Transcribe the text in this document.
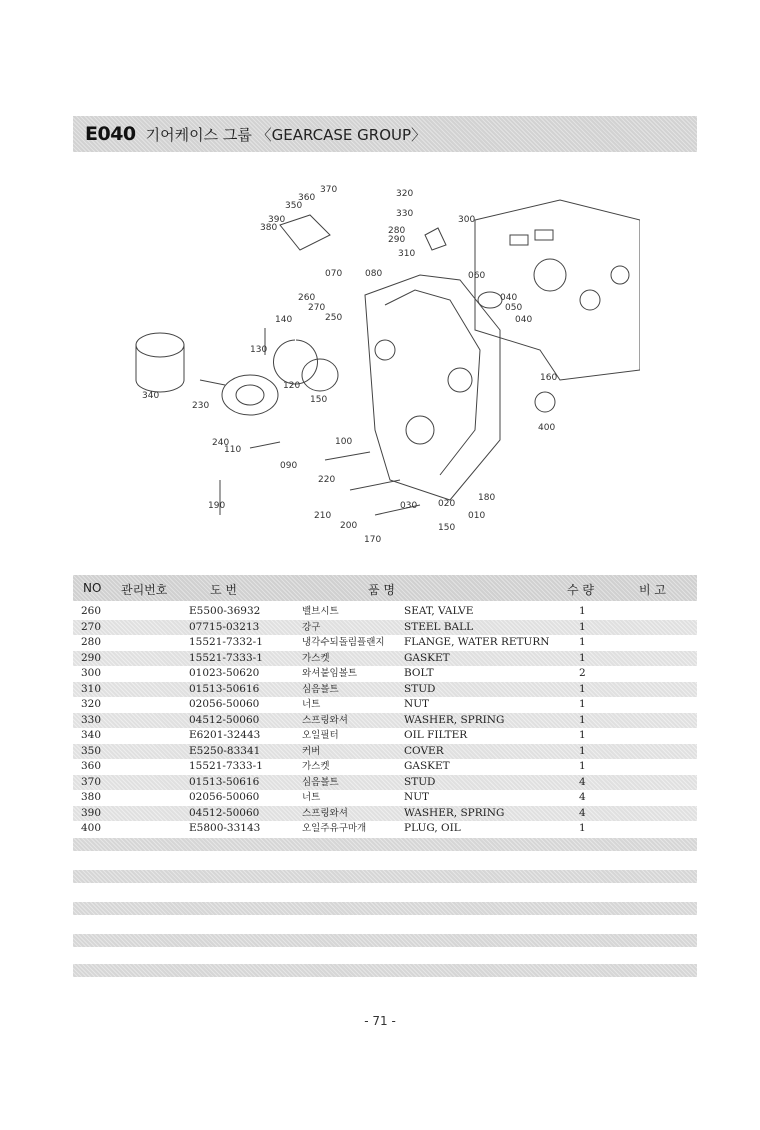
E040 기어케이스 그룹 〈GEARCASE GROUP〉
370
360
350
390
380
320
330
300
280
290
310
070	080	060
040
050
040
260
270
250
140
130
120
160
150
340
230
400
240
110
100
090
220
180
190
210
030 020
010
200	150
170
NO 관리번호	도 번	품 명	수 량	비 고
260	E5500-36932	밸브시트	SEAT, VALVE	1
270	07715-03213	강구	STEEL BALL	1
280	15521-7332-1	냉각수되돌림플랜지 FLANGE, WATER RETURN	1
290	15521-7333-1	가스켓	GASKET	1
300	01023-50620	와셔붙임볼트	BOLT	2
310	01513-50616	심음볼트	STUD	1
320	02056-50060	너트	NUT	1
330	04512-50060	스프링와셔	WASHER, SPRING	1
340	E6201-32443	오일필터	OIL FILTER	1
350	E5250-83341	커버	COVER	1
360	15521-7333-1	가스켓	GASKET	1
370	01513-50616	심음볼트	STUD	4
380	02056-50060	너트	NUT	4
390	04512-50060	스프링와셔	WASHER, SPRING	4
400	E5800-33143	오일주유구마개	PLUG, OIL	1
- 71 -
